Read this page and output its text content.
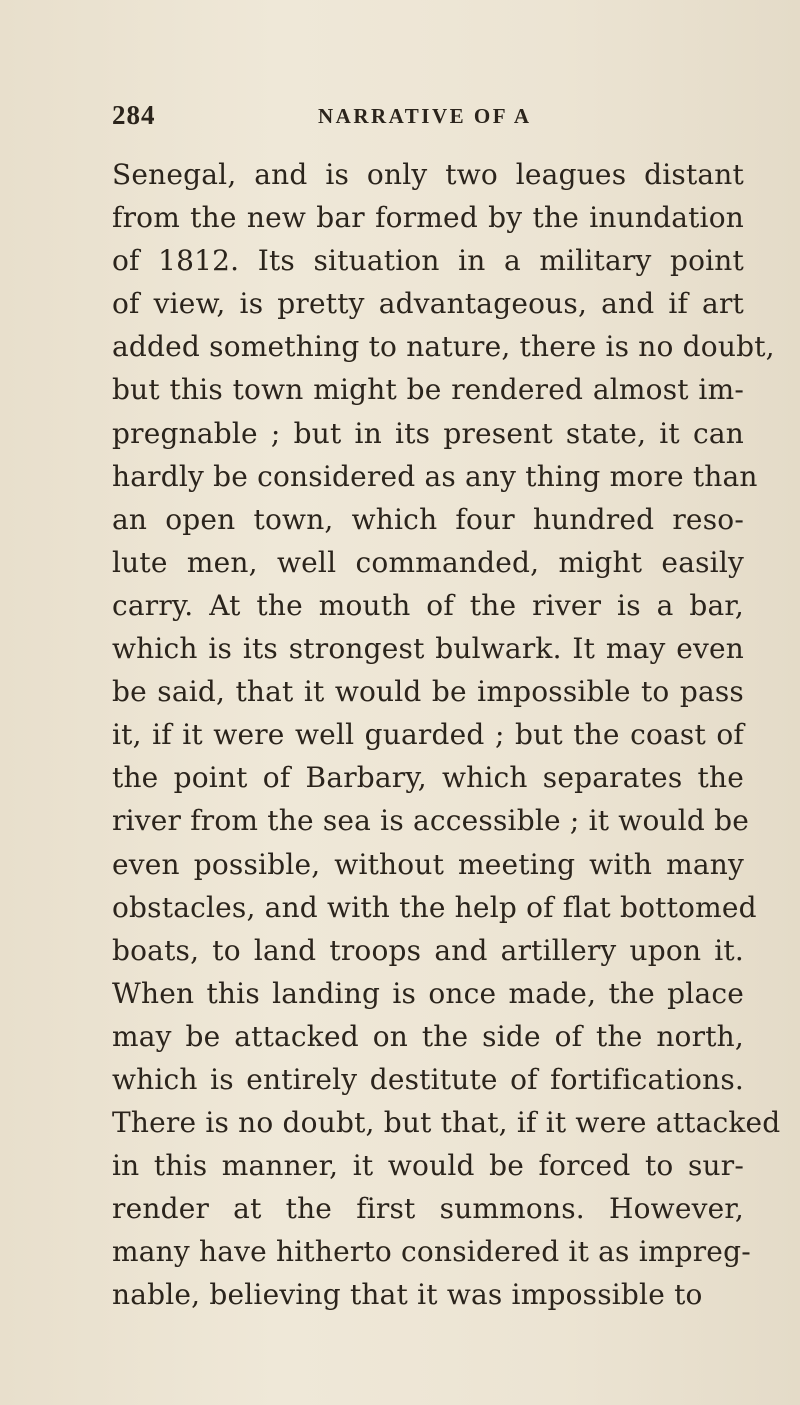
284	NARRATIVE OF A
Senegal, and is only two leagues distant
from the new bar formed by the inundation
of 1812. Its situation in a military point
of view, is pretty advantageous, and if art
added something to nature, there is no doubt,
but this town might be rendered almost im-
pregnable ; but in its present state, it can
hardly be considered as any thing more than
an open town, which four hundred reso-
lute men, well commanded, might easily
carry. At the mouth of the river is a bar,
which is its strongest bulwark. It may even
be said, that it would be impossible to pass
it, if it were well guarded ; but the coast of
the point of Barbary, which separates the
river from the sea is accessible ; it would be
even possible, without meeting with many
obstacles, and with the help of flat bottomed
boats, to land troops and artillery upon it.
When this landing is once made, the place
may be attacked on the side of the north,
which is entirely destitute of fortifications.
There is no doubt, but that, if it were attacked
in this manner, it would be forced to sur-
render at the first summons. However,
many have hitherto considered it as impreg-
nable, believing that it was impossible to
